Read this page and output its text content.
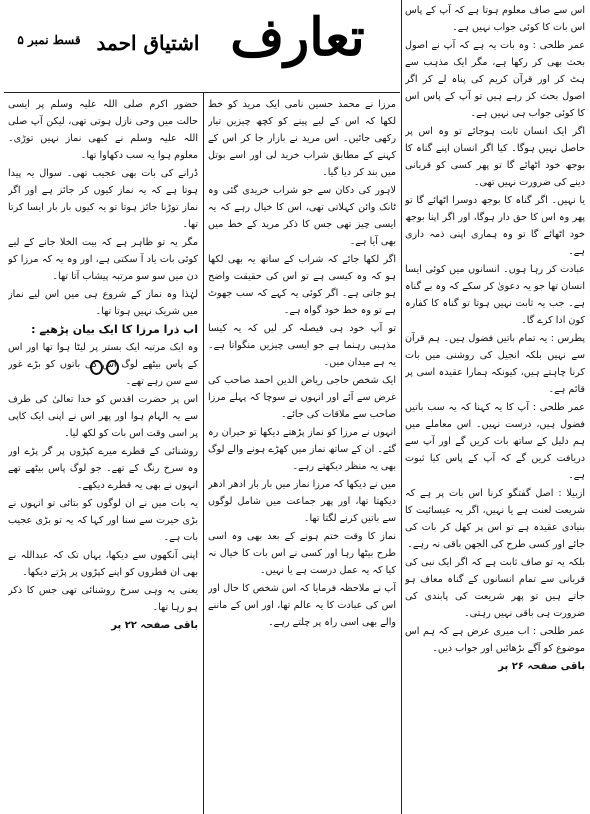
تعارف
اشتیاق احمد
قسط نمبر ۵

اس سے صاف معلوم ہوتا ہے کہ آپ کے پاس اس بات کا کوئی جواب نہیں ہے۔

عمر طلحی : وہ بات یہ ہے کہ آپ نے اصول بحث بھی کر رکھا ہے، مگر ایک مذہب سے ہٹ کر اور قرآن کریم کی پناہ لے کر اگر اصول بحث کر رہے ہیں تو آپ کے پاس اس کا کوئی جواب ہی نہیں ہے۔

اگر ایک انسان ثابت ہوجائے تو وہ اس پر حاصل نہیں ہوگا۔ کیا اگر انسان اپنے گناہ کا بوجھ خود اٹھائے گا تو پھر کسی کو قربانی دینے کی ضرورت نہیں تھی۔

یا نہیں۔ اگر گناہ کا بوجھ دوسرا اٹھائے گا تو پھر وہ اس کا حق دار ہوگا، اور اگر اپنا بوجھ خود اٹھائے گا تو وہ ہماری اپنی ذمہ داری ہے۔

عبادت کر رہا ہوں۔ انسانوں میں کوئی ایسا انسان تھا جو یہ دعویٰ کر سکے کہ وہ بے گناہ ہے۔ جب یہ ثابت نہیں ہوتا تو گناہ کا کفارہ کون ادا کرے گا۔

پطرس : یہ تمام باتیں فضول ہیں۔ ہم قرآن سے نہیں بلکہ انجیل کی روشنی میں بات کرنا چاہتے ہیں، کیونکہ ہمارا عقیدہ اسی پر قائم ہے۔

عمر طلحی : آپ کا یہ کہنا کہ یہ سب باتیں فضول ہیں، درست نہیں۔ اس معاملے میں ہم دلیل کے ساتھ بات کریں گے اور آپ سے دریافت کریں گے کہ آپ کے پاس کیا ثبوت ہے۔

ازبیلا : اصل گفتگو کرنا اس بات پر ہے کہ شریعت لعنت ہے یا نہیں، اگر یہ عیسائیت کا بنیادی عقیدہ ہے تو اس پر کھل کر بات کی جائے اور کسی طرح کی الجھن باقی نہ رہے۔

بلکہ یہ تو صاف ثابت ہے کہ اگر ایک نبی کی قربانی سے تمام انسانوں کے گناہ معاف ہو جاتے ہیں تو پھر شریعت کی پابندی کی ضرورت ہی باقی نہیں رہتی۔

عمر طلحی : اب میری عرض ہے کہ ہم اس موضوع کو آگے بڑھائیں اور جواب دیں۔

باقی صفحہ ۲۶ پر

مرزا نے محمد حسین نامی ایک مرید کو خط لکھا کہ اس کے لیے پینے کو کچھ چیزیں تیار رکھی جائیں۔ اس مرید نے بازار جا کر اس کے کہنے کے مطابق شراب خرید لی اور اسے بوتل میں بند کر دیا گیا۔

لاہور کی دکان سے جو شراب خریدی گئی وہ ٹانک وائن کہلاتی تھی، اس کا خیال رہے کہ یہ ایسی چیز تھی جس کا ذکر مرید کے خط میں بھی آیا ہے۔

اگر لکھا جائے کہ شراب کے ساتھ یہ بھی لکھا ہو کہ وہ کیسی ہے تو اس کی حقیقت واضح ہو جاتی ہے۔ اگر کوئی یہ کہے کہ سب جھوٹ ہے تو وہ خط خود گواہ ہے۔

تو آپ خود ہی فیصلہ کر لیں کہ یہ کیسا مذہبی رہنما ہے جو ایسی چیزیں منگواتا ہے۔ یہ ہے میدان میں۔

ایک شخص حاجی ریاض الدین احمد صاحب کی غرض سے آئے اور انہوں نے سوچا کہ پہلے مرزا صاحب سے ملاقات کی جائے۔

انہوں نے مرزا کو نماز پڑھتے دیکھا تو حیران رہ گئے۔ ان کے ساتھ نماز میں کھڑے ہونے والے لوگ بھی یہ منظر دیکھتے رہے۔

میں نے دیکھا کہ مرزا نماز میں بار بار ادھر ادھر دیکھتا تھا، اور پھر جماعت میں شامل لوگوں سے باتیں کرنے لگتا تھا۔

نماز کا وقت ختم ہونے کے بعد بھی وہ اسی طرح بیٹھا رہا اور کسی نے اس بات کا خیال نہ کیا کہ یہ عمل درست ہے یا نہیں۔

آپ نے ملاحظہ فرمایا کہ اس شخص کا حال اور اس کی عبادت کا یہ عالم تھا، اور اس کے ماننے والے بھی اسی راہ پر چلتے رہے۔

حضور اکرم صلی اللہ علیہ وسلم پر ایسی حالت میں وحی نازل ہوتی تھی، لیکن آپ صلی اللہ علیہ وسلم نے کبھی نماز نہیں توڑی۔ معلوم ہوا یہ سب دکھاوا تھا۔

ڈرانے کی بات بھی عجیب تھی۔ سوال یہ پیدا ہوتا ہے کہ یہ نماز کیوں کر جائز ہے اور اگر نماز توڑنا جائز ہوتا تو یہ کیوں بار بار ایسا کرتا تھا۔

مگر یہ تو ظاہر ہے کہ بیت الخلا جانے کے لیے کوئی بات یاد آ سکتی ہے، اور وہ یہ کہ مرزا کو دن میں سو سو مرتبہ پیشاب آتا تھا۔

لہٰذا وہ نماز کے شروع ہی میں اس لیے نماز میں شریک نہیں ہوتا تھا۔

اب ذرا مرزا کا ایک بیان پڑھیے :

وہ ایک مرتبہ ایک بستر پر لیٹا ہوا تھا اور اس کے پاس بیٹھے لوگ اس کی باتوں کو بڑے غور سے سن رہے تھے۔

اس پر حضرت اقدس کو خدا تعالیٰ کی طرف سے یہ الہام ہوا اور پھر اس نے اپنی ایک کاپی پر اسی وقت اس بات کو لکھ لیا۔

روشنائی کے قطرے میرے کپڑوں پر گر پڑے اور وہ سرخ رنگ کے تھے۔ جو لوگ پاس بیٹھے تھے انہوں نے بھی یہ قطرے دیکھے۔

یہ بات میں نے ان لوگوں کو بتائی تو انہوں نے بڑی حیرت سے سنا اور کہا کہ یہ تو بڑی عجیب بات ہے۔

اپنی آنکھوں سے دیکھا، یہاں تک کہ عبداللہ نے بھی ان قطروں کو اپنے کپڑوں پر پڑتے دیکھا۔

یعنی یہ وہی سرخ روشنائی تھی جس کا ذکر ہو رہا تھا۔

باقی صفحہ ۲۲ پر
